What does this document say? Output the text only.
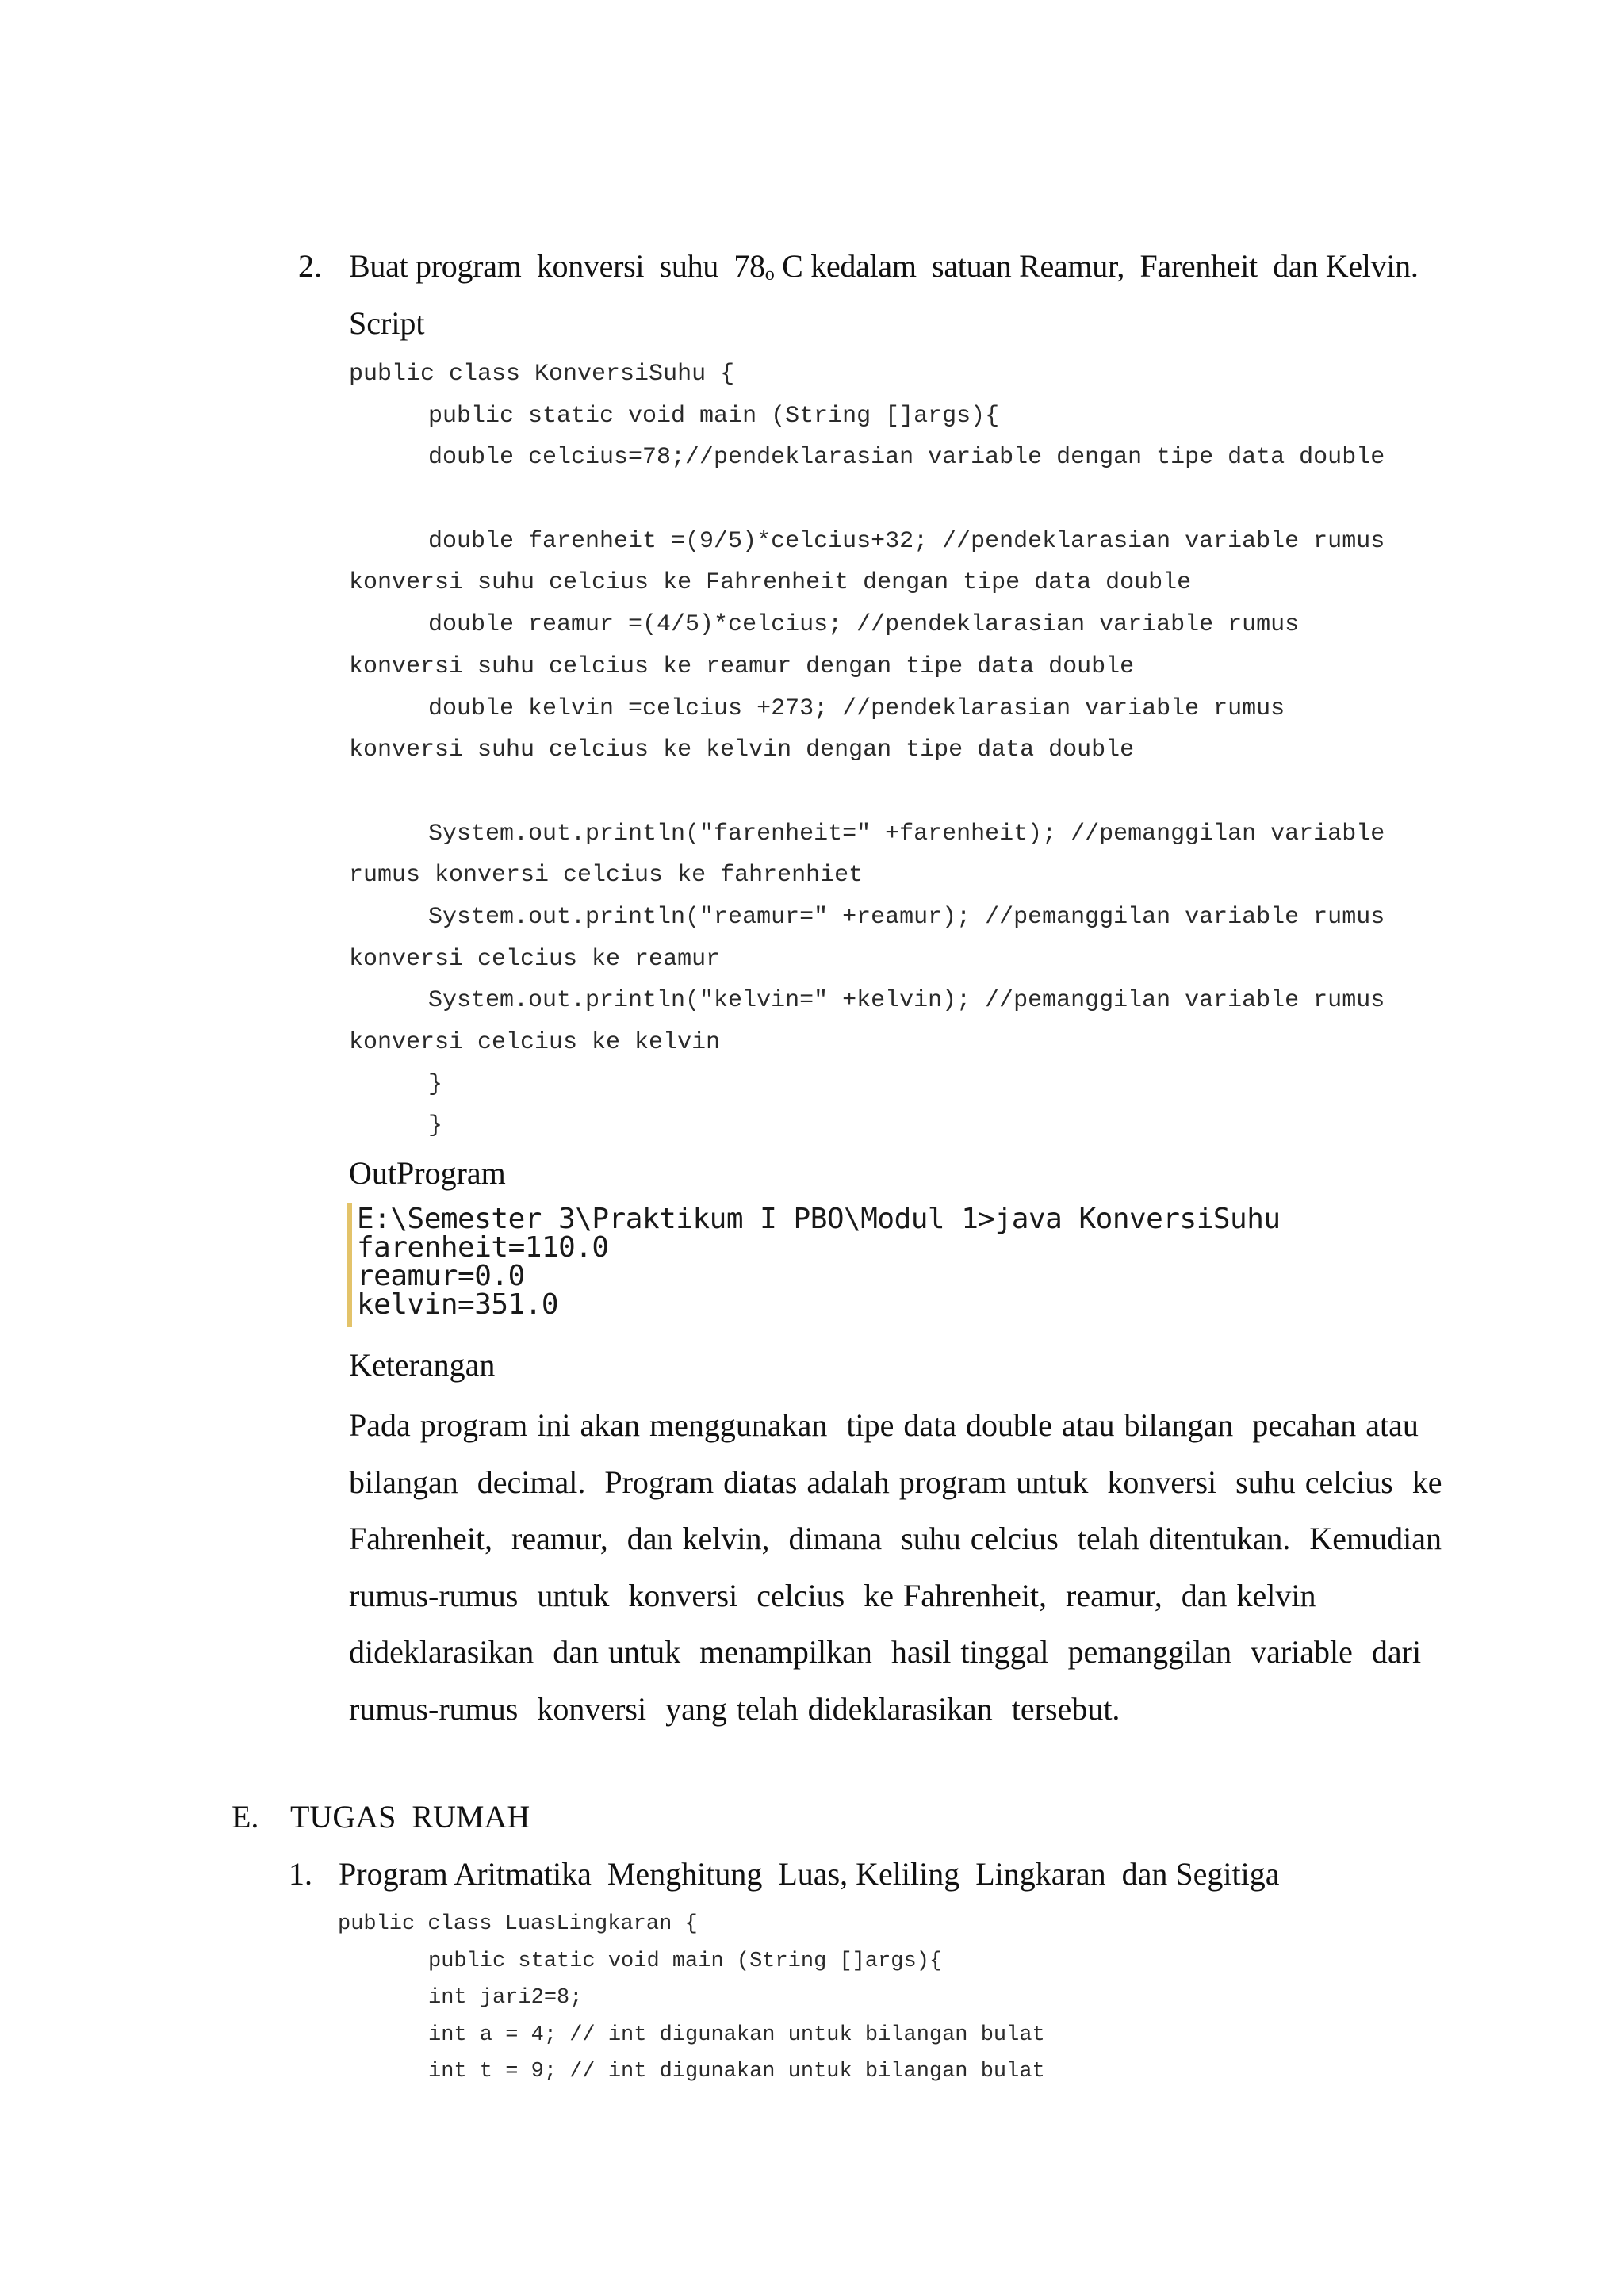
2. Buat program  konversi  suhu  $78_o$ C kedalam  satuan Reamur,  Farenheit  dan Kelvin.
Script
public class KonversiSuhu {
public static void main (String []args){
double celcius=78;//pendeklarasian variable dengan tipe data double
double farenheit =(9/5)*celcius+32; //pendeklarasian variable rumus
konversi suhu celcius ke Fahrenheit dengan tipe data double
double reamur =(4/5)*celcius; //pendeklarasian variable rumus
konversi suhu celcius ke reamur dengan tipe data double
double kelvin =celcius +273; //pendeklarasian variable rumus
konversi suhu celcius ke kelvin dengan tipe data double
System.out.println("farenheit=" +farenheit); //pemanggilan variable
rumus konversi celcius ke fahrenhiet
System.out.println("reamur=" +reamur); //pemanggilan variable rumus
konversi celcius ke reamur
System.out.println("kelvin=" +kelvin); //pemanggilan variable rumus
konversi celcius ke kelvin
}
}
OutProgram
E:\Semester 3\Praktikum I PBO\Modul 1>java KonversiSuhu
farenheit=110.0
reamur=0.0
kelvin=351.0
Keterangan
Pada program ini akan menggunakan  tipe data double atau bilangan  pecahan atau
bilangan  decimal.  Program diatas adalah program untuk  konversi  suhu celcius  ke
Fahrenheit,  reamur,  dan kelvin,  dimana  suhu celcius  telah ditentukan.  Kemudian
rumus-rumus  untuk  konversi  celcius  ke Fahrenheit,  reamur,  dan kelvin
dideklarasikan  dan untuk  menampilkan  hasil tinggal  pemanggilan  variable  dari
rumus-rumus  konversi  yang telah dideklarasikan  tersebut.
E. TUGAS  RUMAH
1. Program Aritmatika  Menghitung  Luas, Keliling  Lingkaran  dan Segitiga
public class LuasLingkaran {
public static void main (String []args){
int jari2=8;
int a = 4; // int digunakan untuk bilangan bulat
int t = 9; // int digunakan untuk bilangan bulat
